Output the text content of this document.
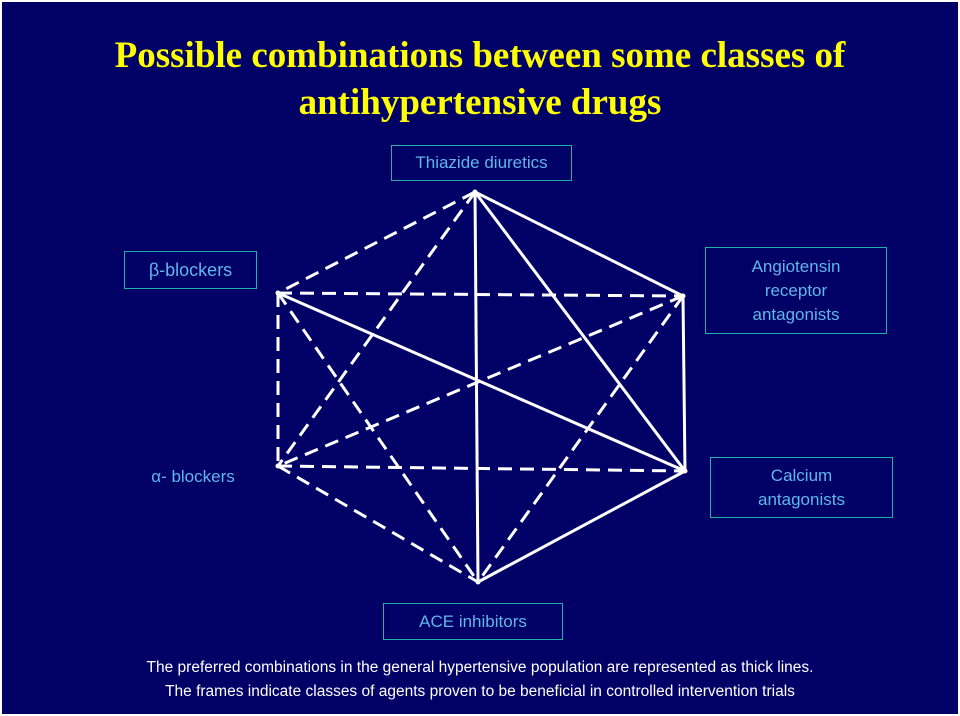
Possible combinations between some classes of
antihypertensive drugs
Thiazide diuretics
β-blockers	Angiotensin receptor antagonists
α- blockers	Calcium antagonists
ACE inhibitors
The preferred combinations in the general hypertensive population are represented as thick lines.
The frames indicate classes of agents proven to be beneficial in controlled intervention trials
